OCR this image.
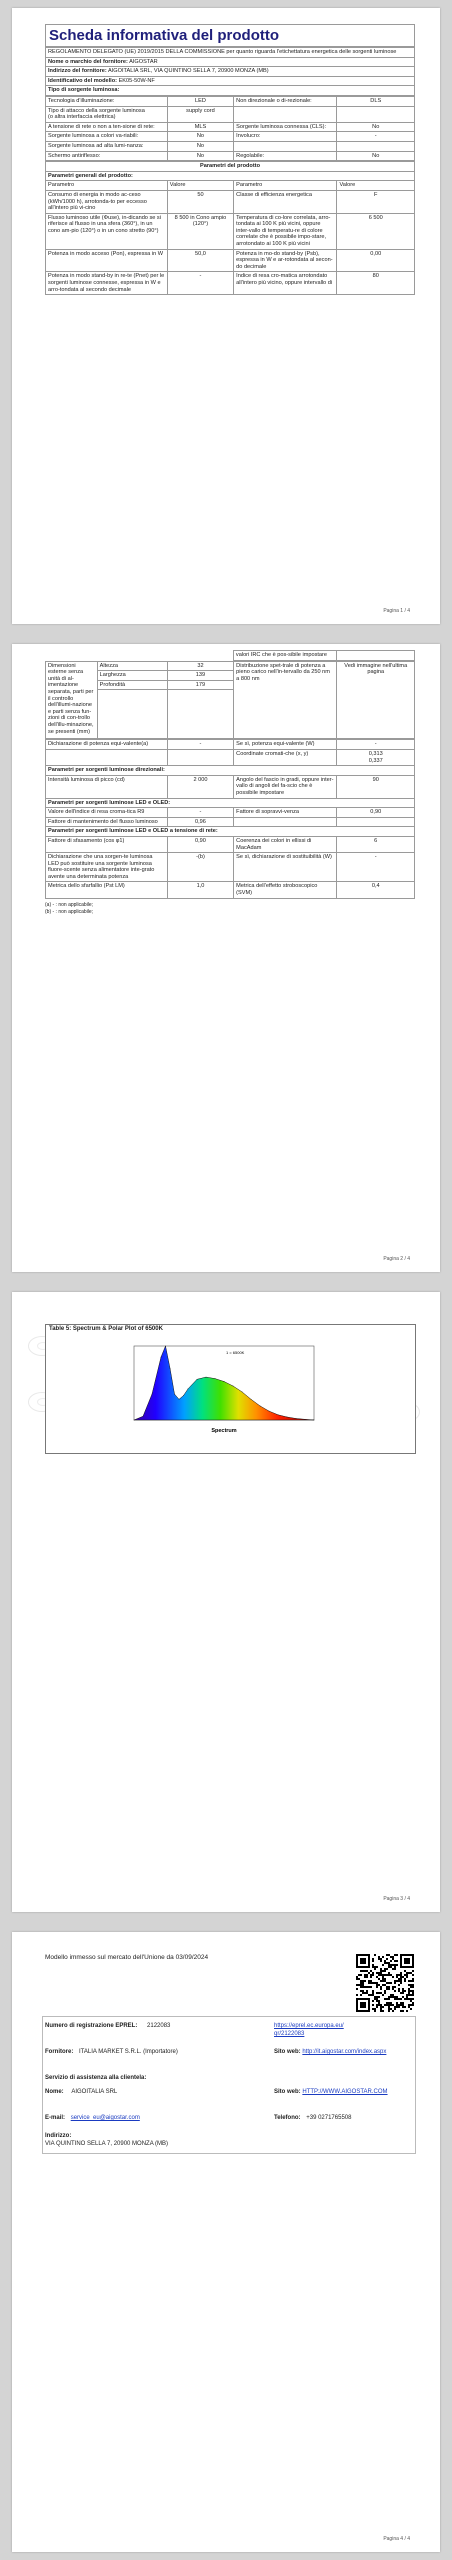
Scheda informativa del prodotto
REGOLAMENTO DELEGATO (UE) 2019/2015 DELLA COMMISSIONE per quanto riguarda l'etichettatura energetica delle sorgenti luminose
Nome o marchio del fornitore: AIGOSTAR
Indirizzo del fornitore: AIGOITALIA SRL, VIA QUINTINO SELLA 7, 20900 MONZA (MB)
Identificativo del modello: EK05-50W-NF
Tipo di sorgente luminosa:
Tecnologia d'illuminazione:	LED	Non direzionale o di-rezionale:	DLS
Tipo di attacco della sorgente luminosa
(o altra interfaccia elettrica)	supply cord		
A tensione di rete o non a ten-sione di rete:	MLS	Sorgente luminosa connessa (CLS):	No
Sorgente luminosa a colori va-riabili:	No	Involucro:	-
Sorgente luminosa ad alta lumi-nanza:	No		
Schermo antiriflesso:	No	Regolabile:	No
Parametri del prodotto			
Parametri generali del prodotto:			
Parametro	Valore	Parametro	Valore
Consumo di energia in modo ac-ceso (kWh/1000 h), arrotonda-to per eccesso all'intero più vi-cino	50	Classe di efficienza energetica	F
Flusso luminoso utile (Φuse), in-dicando se si riferisce al flusso in una sfera (360°), in un cono am-pio (120°) o in un cono stretto (90°)	8 500 in Cono ampio (120°)	Temperatura di co-lore correlata, arro-tondata ai 100 K più vicini, oppure inter-vallo di temperatu-re di colore correlate che è possibile impo-stare, arrotondato ai 100 K più vicini	6 500
Potenza in modo acceso (Pon), espressa in W	50,0	Potenza in mo-do stand-by (Psb), espressa in W e ar-rotondata al secon-do decimale	0,00
Potenza in modo stand-by in re-te (Pnet) per le sorgenti luminose connesse, espressa in W e arro-tondata al secondo decimale	-	Indice di resa cro-matica arrotondato all'intero più vicino, oppure intervallo di	80
Pagina 1 / 4
		valori IRC che è pos-sibile impostare	
Dimensioni esterne senza unità di al-imentazione separata, parti per il controllo dell'illumi-nazione e parti senza fun-zioni di con-trollo dell'illu-minazione, se presenti (mm)	Altezza	32	Distribuzione spet-trale di potenza a pieno carico nell'in-tervallo da 250 nm a 800 nm	Vedi immagine nell'ultima pagina
	Larghezza	139		
	Profondità	179		

Dichiarazione di potenza equi-valente(a)	-	Se sì, potenza equi-valente (W)	-
		Coordinate cromati-che (x, y)	0,313
0,337
Parametri per sorgenti luminose direzionali:			
Intensità luminosa di picco (cd)	2 000	Angolo del fascio in gradi, oppure inter-vallo di angoli del fa-scio che è possibile impostare	90
Parametri per sorgenti luminose LED e OLED:			
Valore dell'indice di resa croma-tica R9	-	Fattore di sopravvi-venza	0,90
Fattore di mantenimento del flusso luminoso	0,96		
Parametri per sorgenti luminose LED e OLED a tensione di rete:			
Fattore di sfasamento (cos φ1)	0,90	Coerenza dei colori in ellissi di MacAdam	6
Dichiarazione che una sorgen-te luminosa LED può sostituire una sorgente luminosa fluore-scente senza alimentatore inte-grato avente una determinata potenza	-(b)	Se sì, dichiarazione di sostituibilità (W)	-
Metrica dello sfarfallio (Pst LM)	1,0	Metrica dell'effetto stroboscopico (SVM)	0,4
(a) - : non applicabile;
(b) - : non applicabile;
Pagina 2 / 4
Table 5: Spectrum & Polar Plot of 6500K
1 = 6500K
Spectrum
Pagina 3 / 4
Modello immesso sul mercato dell'Unione da 03/09/2024
Numero di registrazione EPREL: 2122083	https://eprel.ec.europa.eu/qr/2122083
Fornitore: ITALIA MARKET S.R.L. (Importatore)	Sito web: http://it.aigostar.com/index.aspx
Servizio di assistenza alla clientela:
Nome: AIGOITALIA SRL	Sito web: HTTP://WWW.AIGOSTAR.COM
E-mail: service_eu@aigostar.com	Telefono: +39 0271765508
Indirizzo:
VIA QUINTINO SELLA 7, 20900 MONZA (MB)
Pagina 4 / 4
